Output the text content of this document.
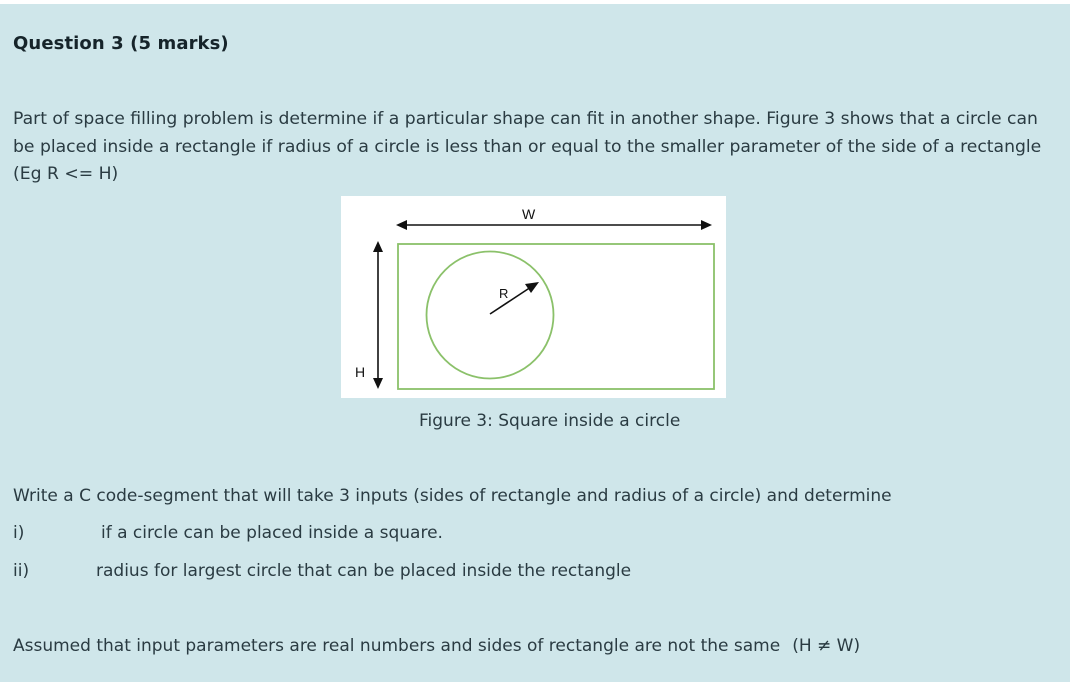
Question 3 (5 marks)

Part of space filling problem is determine if a particular shape can fit in another shape. Figure 3 shows that a circle can be placed inside a rectangle if radius of a circle is less than or equal to the smaller parameter of the side of a rectangle (Eg R <= H)

W
H
R
Figure 3: Square inside a circle
Write a C code-segment that will take 3 inputs (sides of rectangle and radius of a circle) and determine
i)	if a circle can be placed inside a square.
ii)	radius for largest circle that can be placed inside the rectangle
Assumed that input parameters are real numbers and sides of rectangle are not the same (H ≠ W)
